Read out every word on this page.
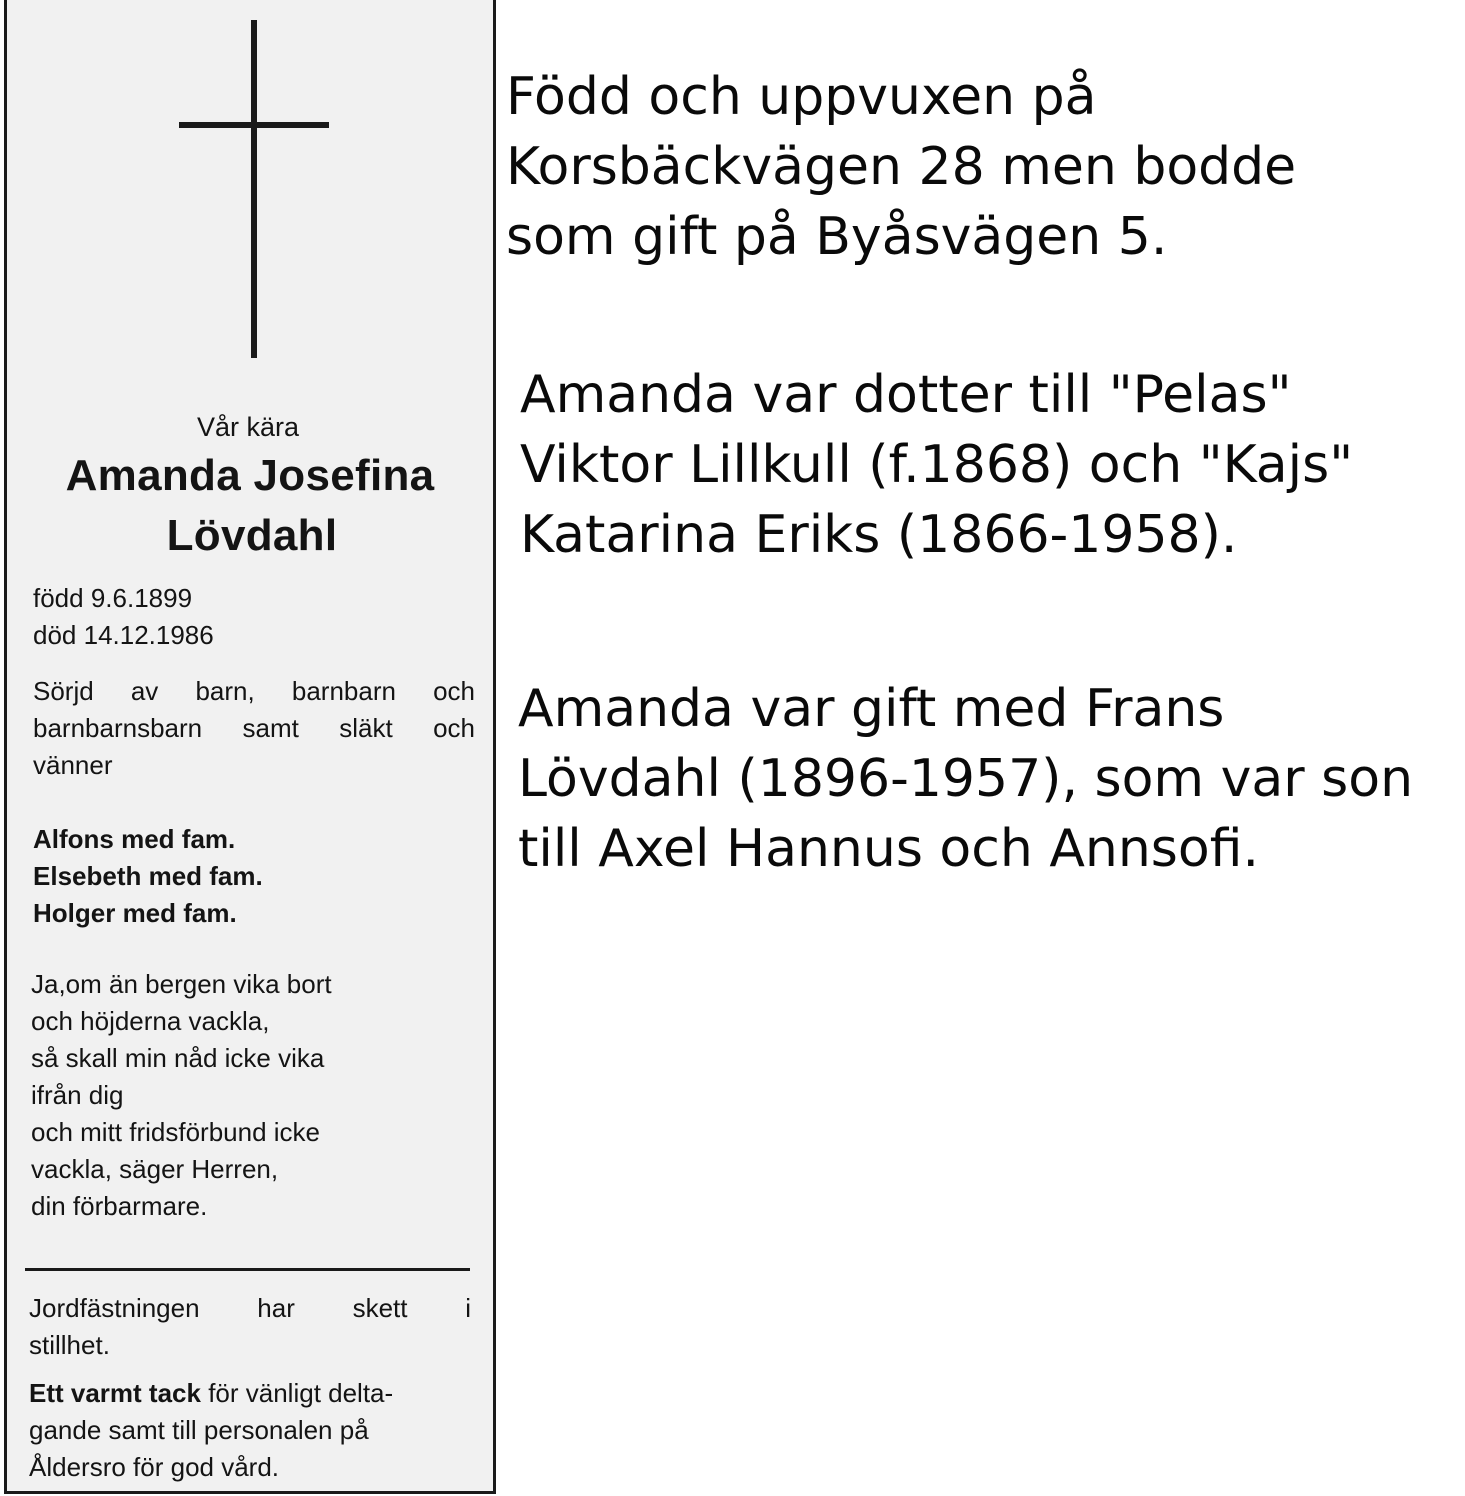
Vår kära
Amanda Josefina
Lövdahl
född 9.6.1899
död 14.12.1986
Sörjd av barn, barnbarn och
barnbarnsbarn samt släkt och
vänner
Alfons med fam.
Elsebeth med fam.
Holger med fam.
Ja,om än bergen vika bort
och höjderna vackla,
så skall min nåd icke vika
ifrån dig
och mitt fridsförbund icke
vackla, säger Herren,
din förbarmare.
Jordfästningen har skett i
stillhet.
Ett varmt tack för vänligt delta-
gande samt till personalen på
Åldersro för god vård.
Född och uppvuxen på
Korsbäckvägen 28 men bodde
som gift på Byåsvägen 5.
Amanda var dotter till "Pelas"
Viktor Lillkull (f.1868) och "Kajs"
Katarina Eriks (1866-1958).
Amanda var gift med Frans
Lövdahl (1896-1957), som var son
till Axel Hannus och Annsofi.
